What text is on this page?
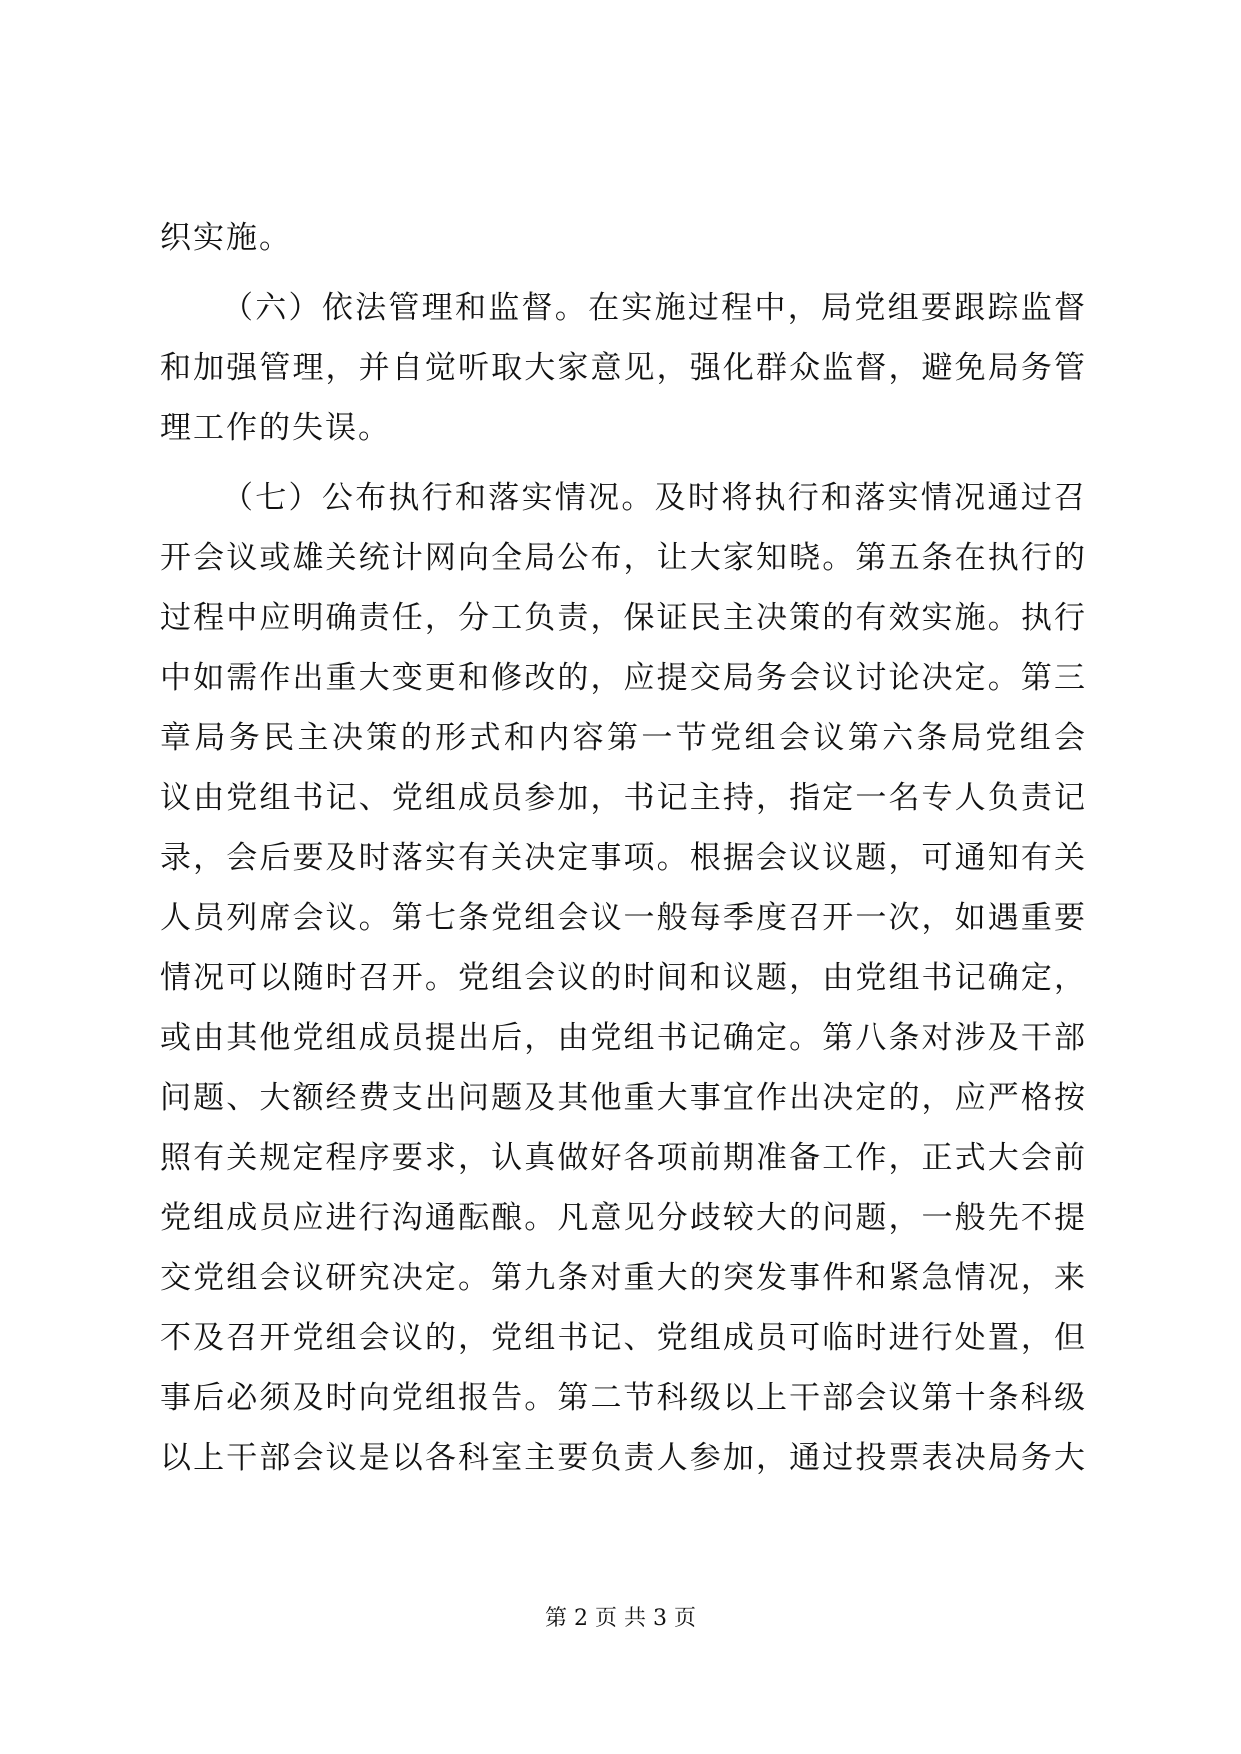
织实施。
（六）依法管理和监督。在实施过程中，局党组要跟踪监督
和加强管理，并自觉听取大家意见，强化群众监督，避免局务管
理工作的失误。
（七）公布执行和落实情况。及时将执行和落实情况通过召
开会议或雄关统计网向全局公布，让大家知晓。第五条在执行的
过程中应明确责任，分工负责，保证民主决策的有效实施。执行
中如需作出重大变更和修改的，应提交局务会议讨论决定。第三
章局务民主决策的形式和内容第一节党组会议第六条局党组会
议由党组书记、党组成员参加，书记主持，指定一名专人负责记
录，会后要及时落实有关决定事项。根据会议议题，可通知有关
人员列席会议。第七条党组会议一般每季度召开一次，如遇重要
情况可以随时召开。党组会议的时间和议题，由党组书记确定，
或由其他党组成员提出后，由党组书记确定。第八条对涉及干部
问题、大额经费支出问题及其他重大事宜作出决定的，应严格按
照有关规定程序要求，认真做好各项前期准备工作，正式大会前
党组成员应进行沟通酝酿。凡意见分歧较大的问题，一般先不提
交党组会议研究决定。第九条对重大的突发事件和紧急情况，来
不及召开党组会议的，党组书记、党组成员可临时进行处置，但
事后必须及时向党组报告。第二节科级以上干部会议第十条科级
以上干部会议是以各科室主要负责人参加，通过投票表决局务大
第 2 页 共 3 页
